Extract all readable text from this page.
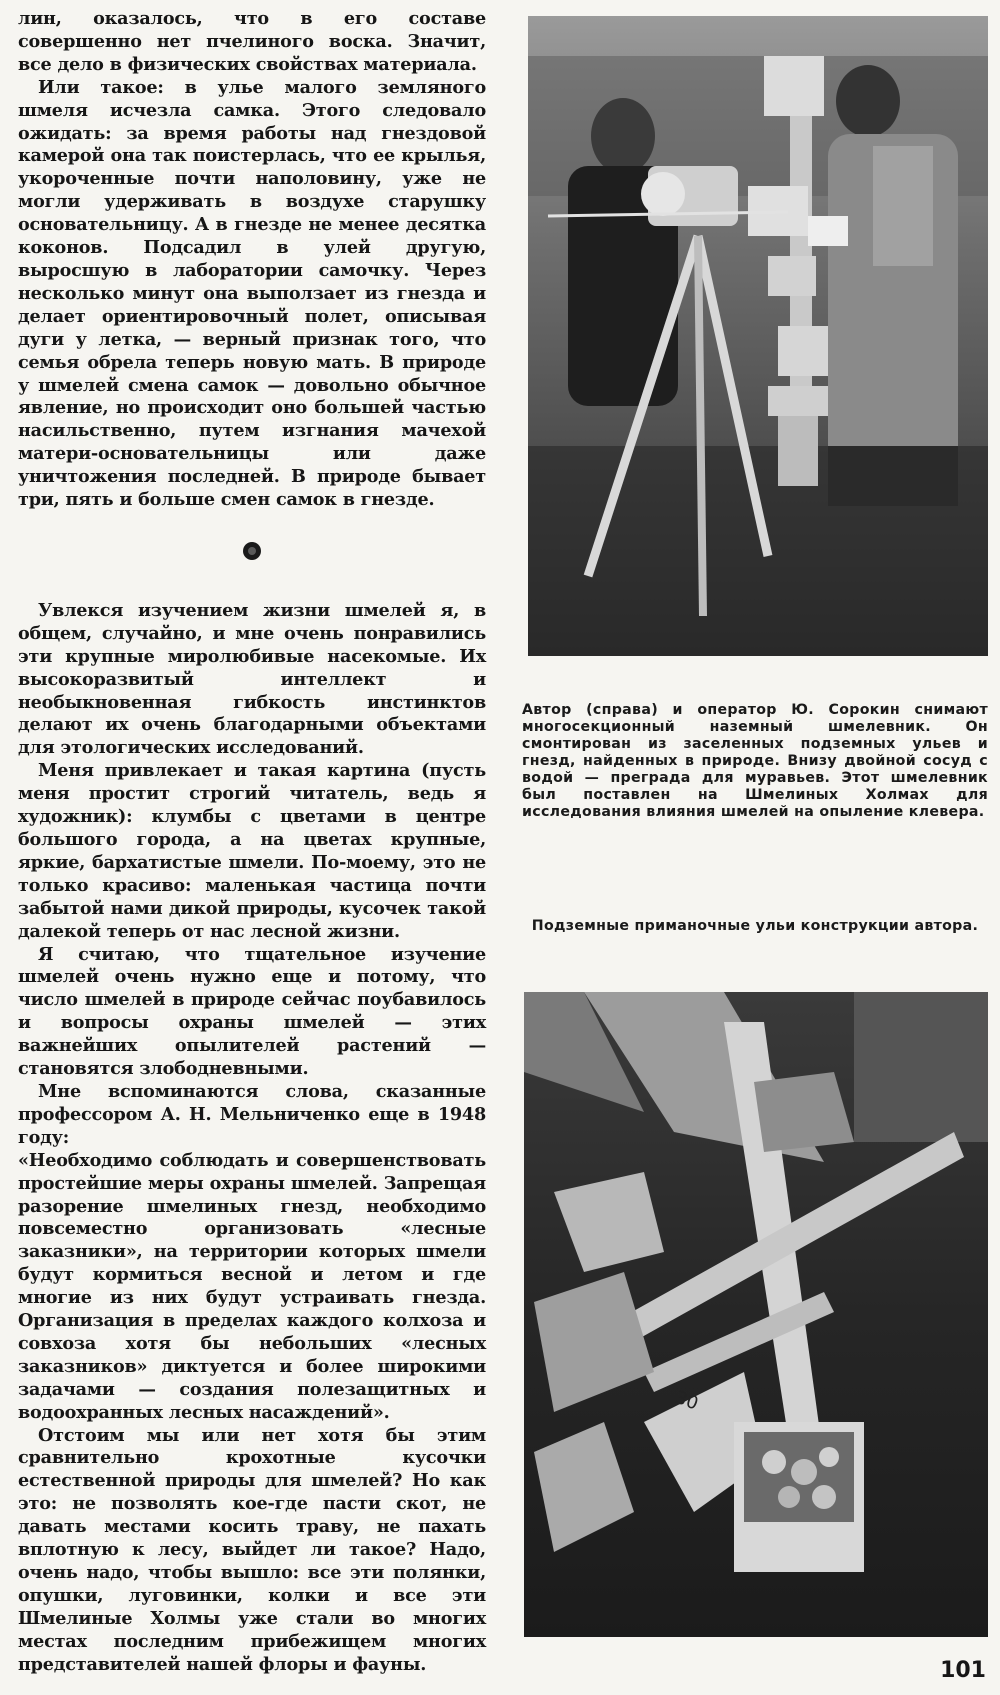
лин, оказалось, что в его составе совершенно нет пчелиного воска. Значит, все дело в физических свойствах материала.

Или такое: в улье малого земляного шмеля исчезла самка. Этого следовало ожидать: за время работы над гнездовой камерой она так поистерлась, что ее крылья, укороченные почти наполовину, уже не могли удерживать в воздухе старушку основательницу. А в гнезде не менее десятка коконов. Подсадил в улей другую, выросшую в лаборатории самочку. Через несколько минут она выползает из гнезда и делает ориентировочный полет, описывая дуги у летка, — верный признак того, что семья обрела теперь новую мать. В природе у шмелей смена самок — довольно обычное явление, но происходит оно большей частью насильственно, путем изгнания мачехой матери-основательницы или даже уничтожения последней. В природе бывает три, пять и больше смен самок в гнезде.

Увлекся изучением жизни шмелей я, в общем, случайно, и мне очень понравились эти крупные миролюбивые насекомые. Их высокоразвитый интеллект и необыкновенная гибкость инстинктов делают их очень благодарными объектами для этологических исследований.

Меня привлекает и такая картина (пусть меня простит строгий читатель, ведь я художник): клумбы с цветами в центре большого города, а на цветах крупные, яркие, бархатистые шмели. По-моему, это не только красиво: маленькая частица почти забытой нами дикой природы, кусочек такой далекой теперь от нас лесной жизни.

Я считаю, что тщательное изучение шмелей очень нужно еще и потому, что число шмелей в природе сейчас поубавилось и вопросы охраны шмелей — этих важнейших опылителей растений — становятся злободневными.

Мне вспоминаются слова, сказанные профессором А. Н. Мельниченко еще в 1948 году:

«Необходимо соблюдать и совершенствовать простейшие меры охраны шмелей. Запрещая разорение шмелиных гнезд, необходимо повсеместно организовать «лесные заказники», на территории которых шмели будут кормиться весной и летом и где многие из них будут устраивать гнезда. Организация в пределах каждого колхоза и совхоза хотя бы небольших «лесных заказников» диктуется и более широкими задачами — создания полезащитных и водоохранных лесных насаждений».

Отстоим мы или нет хотя бы этим сравнительно крохотные кусочки естественной природы для шмелей? Но как это: не позволять кое-где пасти скот, не давать местами косить траву, не пахать вплотную к лесу, выйдет ли такое? Надо, очень надо, чтобы вышло: все эти полянки, опушки, луговинки, колки и все эти Шмелиные Холмы уже стали во многих местах последним прибежищем многих представителей нашей флоры и фауны.

Автор (справа) и оператор Ю. Сорокин снимают многосекционный наземный шмелевник. Он смонтирован из заселенных подземных ульев и гнезд, найденных в природе. Внизу двойной сосуд с водой — преграда для муравьев. Этот шмелевник был поставлен на Шмелиных Холмах для исследования влияния шмелей на опыление клевера.
Подземные приманочные ульи конструкции автора.
30
101
